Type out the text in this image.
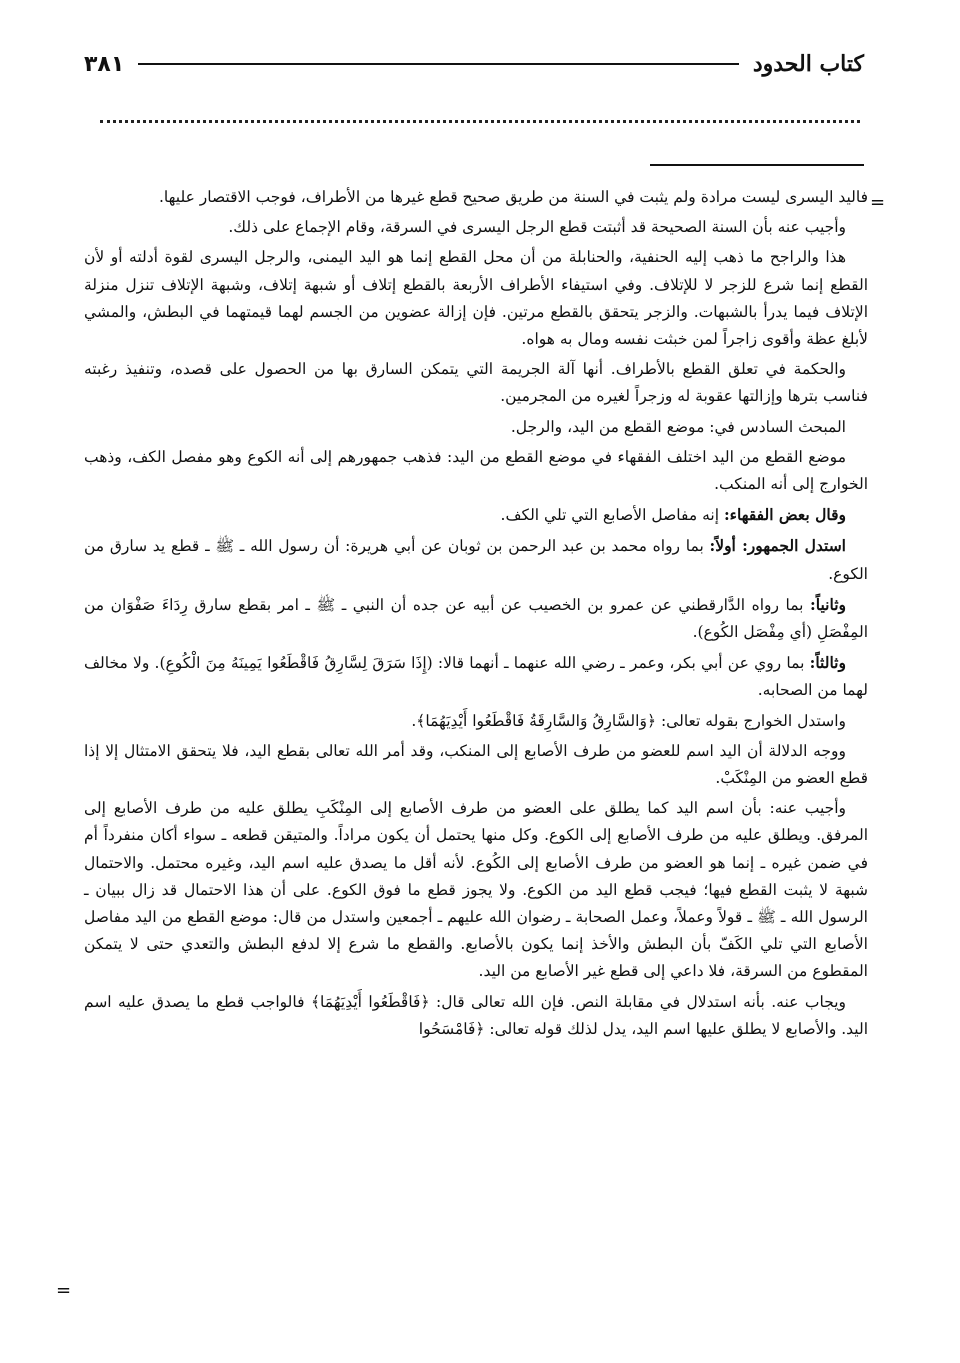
كتاب الحدود
٣٨١
=
=

فاليد اليسرى ليست مرادة ولم يثبت في السنة من طريق صحيح قطع غيرها من الأطراف، فوجب الاقتصار عليها.

وأجيب عنه بأن السنة الصحيحة قد أثبتت قطع الرجل اليسرى في السرقة، وقام الإجماع على ذلك.

هذا والراجح ما ذهب إليه الحنفية، والحنابلة من أن محل القطع إنما هو اليد اليمنى، والرجل اليسرى لقوة أدلته أو لأن القطع إنما شرع للزجر لا للإتلاف. وفي استيفاء الأطراف الأربعة بالقطع إتلاف أو شبهة إتلاف، وشبهة الإتلاف تنزل منزلة الإتلاف فيما يدرأ بالشبهات. والزجر يتحقق بالقطع مرتين. فإن إزالة عضوين من الجسم لهما قيمتهما في البطش، والمشي لأبلغ عظة وأقوى زاجراً لمن خبثت نفسه ومال به هواه.

والحكمة في تعلق القطع بالأطراف. أنها آلة الجريمة التي يتمكن السارق بها من الحصول على قصده، وتنفيذ رغبته فناسب بترها وإزالتها عقوبة له وزجراً لغيره من المجرمين.

المبحث السادس في: موضع القطع من اليد، والرجل.

موضع القطع من اليد اختلف الفقهاء في موضع القطع من اليد: فذهب جمهورهم إلى أنه الكوع وهو مفصل الكف، وذهب الخوارج إلى أنه المنكب.

وقال بعض الفقهاء: إنه مفاصل الأصابع التي تلي الكف.

استدل الجمهور: أولاً: بما رواه محمد بن عبد الرحمن بن ثوبان عن أبي هريرة: أن رسول الله ـ ﷺ ـ قطع يد سارق من الكوع.

وثانياً: بما رواه الدَّارقطني عن عمرو بن الخصيب عن أبيه عن جده أن النبي ـ ﷺ ـ امر بقطع سارق رِدَاءَ صَفْوَان من المِفْصَلِ (أي مِفْصَل الكُوع).

وثالثاً: بما روي عن أبي بكر، وعمر ـ رضي الله عنهما ـ أنهما قالا: (إِذَا سَرَقَ لِسَّارِقُ فَاقْطَعُوا يَمِينَهُ مِنَ الْكُوعِ). ولا مخالف لهما من الصحابه.

واستدل الخوارج بقوله تعالى: ﴿وَالسَّارِقُ وَالسَّارِقَةُ فَاقْطَعُوا أَيْدِيَهُمَا﴾.

ووجه الدلالة أن اليد اسم للعضو من طرف الأصابع إلى المنكب، وقد أمر الله تعالى بقطع اليد، فلا يتحقق الامتثال إلا إذا قطع العضو من المِنْكَبْ.

وأجيب عنه: بأن اسم اليد كما يطلق على العضو من طرف الأصابع إلى المِنْكَبِ يطلق عليه من طرف الأصابع إلى المرفق. ويطلق عليه من طرف الأصابع إلى الكوع. وكل منها يحتمل أن يكون مراداً. والمتيقن قطعه ـ سواء أكان منفرداً أم في ضمن غيره ـ إنما هو العضو من طرف الأصابع إلى الكُوع. لأنه أقل ما يصدق عليه اسم اليد، وغيره محتمل. والاحتمال شبهة لا يثبت القطع فيها؛ فيجب قطع اليد من الكوع. ولا يجوز قطع ما فوق الكوع. على أن هذا الاحتمال قد زال ببيان ـ الرسول الله ـ ﷺ ـ قولاً وعملاً، وعمل الصحابة ـ رضوان الله عليهم ـ أجمعين واستدل من قال: موضع القطع من اليد مفاصل الأصابع التي تلي الكَفّ بأن البطش والأخذ إنما يكون بالأصابع. والقطع ما شرع إلا لدفع البطش والتعدي حتى لا يتمكن المقطوع من السرقة، فلا داعي إلى قطع غير الأصابع من اليد.

ويجاب عنه. بأنه استدلال في مقابلة النص. فإن الله تعالى قال: ﴿فَاقْطَعُوا أَيْدِيَهُمَا﴾ فالواجب قطع ما يصدق عليه اسم اليد. والأصابع لا يطلق عليها اسم اليد، يدل لذلك قوله تعالى: ﴿فَامْسَحُوا
